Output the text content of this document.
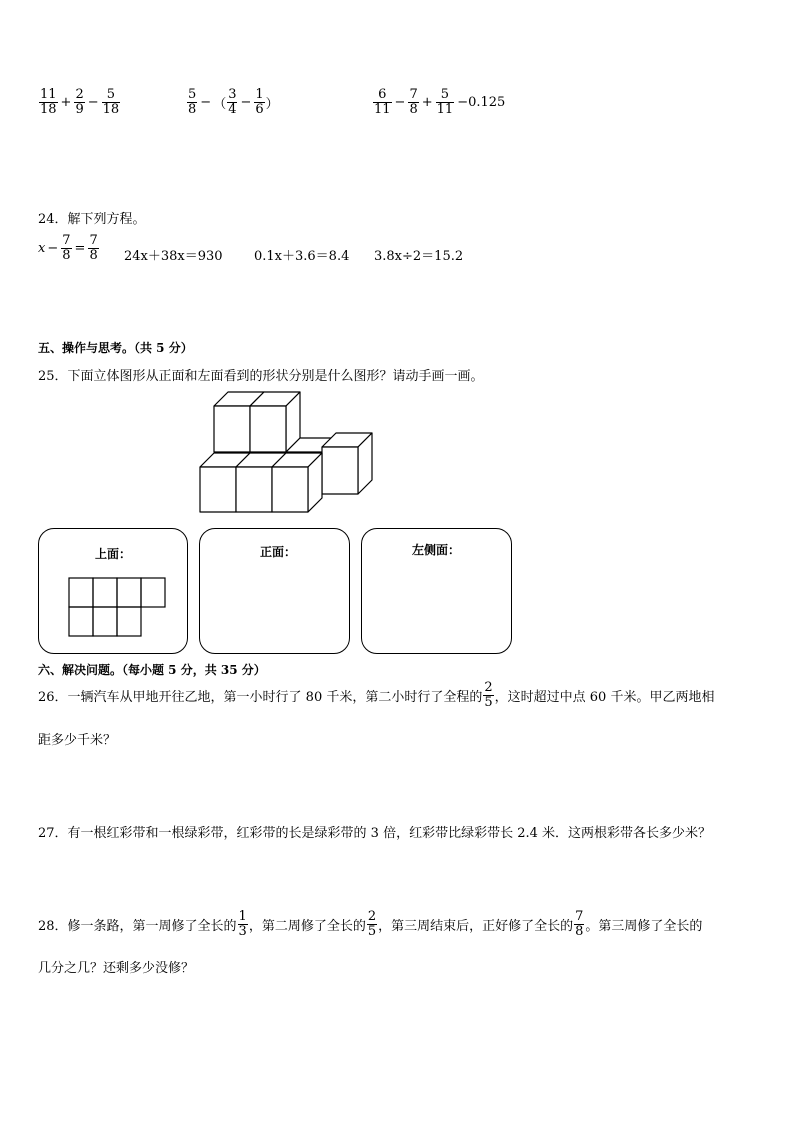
$\frac{11}{18} + \frac{2}{9} - \frac{5}{18}$	$\frac{5}{8}$ − （ $\frac{3}{4} - \frac{1}{6}$ ）	$\frac{6}{11} - \frac{7}{8} + \frac{5}{11} -0.125$
24．解下列方程。
$x - \frac{7}{8} = \frac{7}{8} 24x+38x=930$ 0.1x＋3.6＝8.4 3.8x÷2＝15.2
五、操作与思考。（共 5 分）
25．下面立体图形从正面和左面看到的形状分别是什么图形？请动手画一画。
上面：	正面：	左侧面：
六、解决问题。（每小题 5 分，共 35 分）
26．一辆汽车从甲地开往乙地，第一小时行了 80 千米，第二小时行了全程的 $\frac{2}{5}$ ，这时超过中点 60 千米。甲乙两地相
距多少千米？
27．有一根红彩带和一根绿彩带，红彩带的长是绿彩带的 3 倍，红彩带比绿彩带长 2.4 米．这两根彩带各长多少米？
28．修一条路，第一周修了全长的 $\frac{1}{3}$ ，第二周修了全长的 $\frac{2}{5}$ ，第三周结束后，正好修了全长的 $\frac{7}{8}$ 。第三周修了全长的
几分之几？还剩多少没修？
